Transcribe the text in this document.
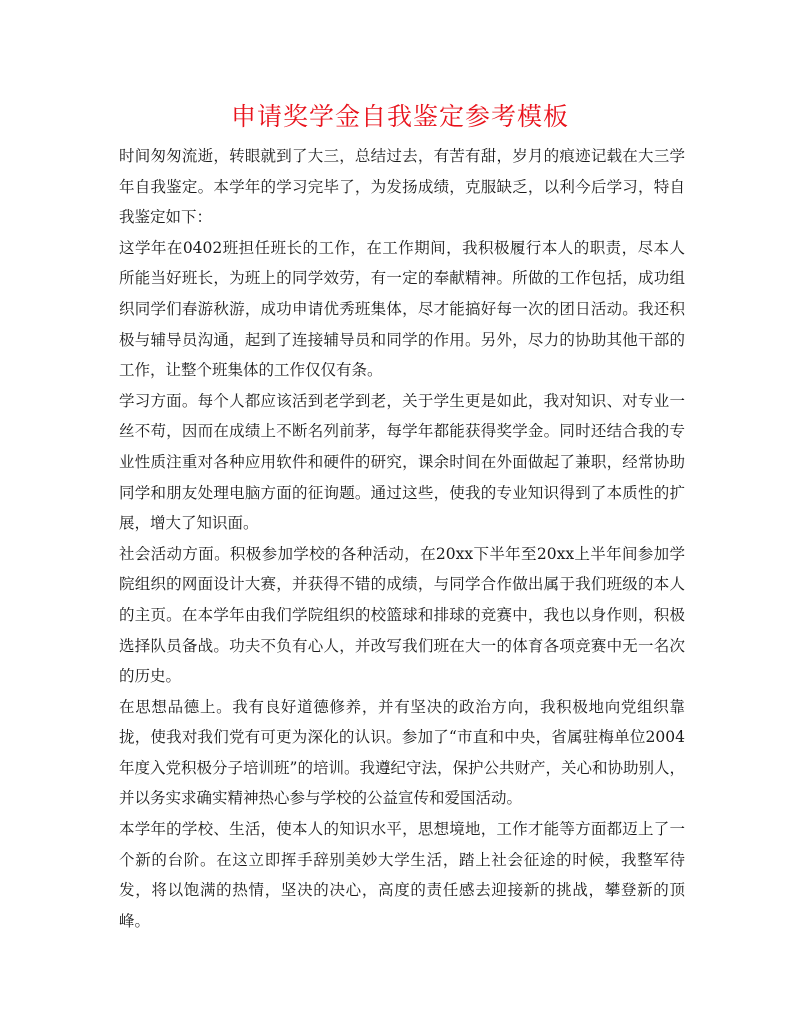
申请奖学金自我鉴定参考模板

时间匆匆流逝，转眼就到了大三，总结过去，有苦有甜，岁月的痕迹记载在大三学年自我鉴定。本学年的学习完毕了，为发扬成绩，克服缺乏，以利今后学习，特自我鉴定如下：

这学年在0402班担任班长的工作，在工作期间，我积极履行本人的职责，尽本人所能当好班长，为班上的同学效劳，有一定的奉献精神。所做的工作包括，成功组织同学们春游秋游，成功申请优秀班集体，尽才能搞好每一次的团日活动。我还积极与辅导员沟通，起到了连接辅导员和同学的作用。另外，尽力的协助其他干部的工作，让整个班集体的工作仅仅有条。

学习方面。每个人都应该活到老学到老，关于学生更是如此，我对知识、对专业一丝不苟，因而在成绩上不断名列前茅，每学年都能获得奖学金。同时还结合我的专业性质注重对各种应用软件和硬件的研究，课余时间在外面做起了兼职，经常协助同学和朋友处理电脑方面的征询题。通过这些，使我的专业知识得到了本质性的扩展，增大了知识面。

社会活动方面。积极参加学校的各种活动，在20xx下半年至20xx上半年间参加学院组织的网面设计大赛，并获得不错的成绩，与同学合作做出属于我们班级的本人的主页。在本学年由我们学院组织的校篮球和排球的竞赛中，我也以身作则，积极选择队员备战。功夫不负有心人，并改写我们班在大一的体育各项竞赛中无一名次的历史。

在思想品德上。我有良好道德修养，并有坚决的政治方向，我积极地向党组织靠拢，使我对我们党有可更为深化的认识。参加了“市直和中央，省属驻梅单位2004年度入党积极分子培训班”的培训。我遵纪守法，保护公共财产，关心和协助别人，并以务实求确实精神热心参与学校的公益宣传和爱国活动。

本学年的学校、生活，使本人的知识水平，思想境地，工作才能等方面都迈上了一个新的台阶。在这立即挥手辞别美妙大学生活，踏上社会征途的时候，我整军待发，将以饱满的热情，坚决的决心，高度的责任感去迎接新的挑战，攀登新的顶峰。
